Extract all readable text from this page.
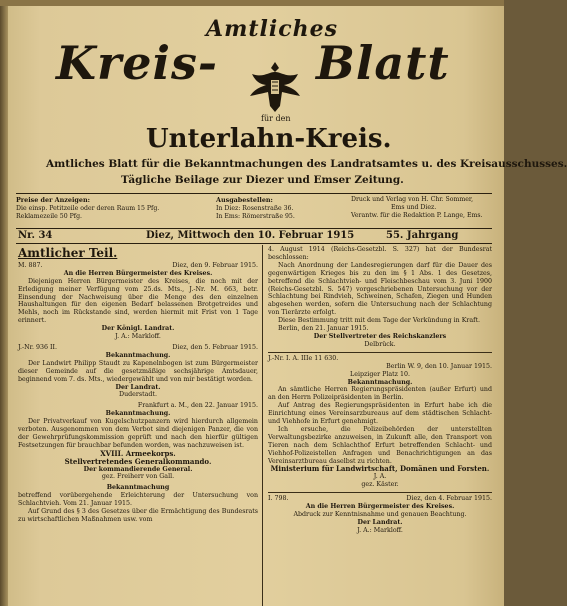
Amtliches
Kreis- Blatt
für den
Unterlahn-Kreis.
Amtliches Blatt für die Bekanntmachungen des Landratsamtes u. des Kreisausschusses.
Tägliche Beilage zur Diezer und Emser Zeitung.
Preise der Anzeigen:
Die einsp. Petitzeile oder deren Raum 15 Pfg.
Reklamezeile 50 Pfg.
Ausgabestellen:
In Diez: Rosenstraße 36.
In Ems: Römerstraße 95.
Druck und Verlag von H. Chr. Sommer,
Ems und Diez.
Verantw. für die Redaktion P. Lange, Ems.
Nr. 34	Diez, Mittwoch den 10. Februar 1915	55. Jahrgang

Amtlicher Teil.

M. 887.	Diez, den 9. Februar 1915.

An die Herren Bürgermeister des Kreises.

Diejenigen Herren Bürgermeister des Kreises, die noch mit der Erledigung meiner Verfügung vom 25.ds. Mts., J.-Nr. M. 663, betr. Einsendung der Nachweisung über die Menge des den einzelnen Haushaltungen für den eigenen Bedarf belassenen Brotgetreides und Mehls, noch im Rückstande sind, werden hiermit mit Frist von 1 Tage erinnert.

Der Königl. Landrat.

J. A.: Markloff.

J.-Nr. 936 II.	Diez, den 5. Februar 1915.

Bekanntmachung.

Der Landwirt Philipp Staudt zu Kapenelnbogen ist zum Bürgermeister dieser Gemeinde auf die gesetzmäßige sechsjährige Amtsdauer, beginnend vom 7. ds. Mts., wiedergewählt und von mir bestätigt worden.

Der Landrat.

Duderstadt.

Frankfurt a. M., den 22. Januar 1915.

Bekanntmachung.

Der Privatverkauf von Kugelschutzpanzern wird hierdurch allgemein verboten. Ausgenommen von dem Verbot sind diejenigen Panzer, die von der Gewehrprüfungskommission geprüft und nach den hierfür gültigen Festsetzungen für brauchbar befunden worden, was nachzuweisen ist.

XVIII. Armeekorps.

Stellvertretendes Generalkommando.

Der kommandierende General.

gez. Freiherr von Gall.

Bekanntmachung

betreffend vorübergehende Erleichterung der Untersuchung von Schlachtvieh. Vom 21. Januar 1915.

Auf Grund des § 3 des Gesetzes über die Ermächtigung des Bundesrats zu wirtschaftlichen Maßnahmen usw. vom

4. August 1914 (Reichs-Gesetzbl. S. 327) hat der Bundesrat beschlossen:

Nach Anordnung der Landesregierungen darf für die Dauer des gegenwärtigen Krieges bis zu den im § 1 Abs. 1 des Gesetzes, betreffend die Schlachtvieh- und Fleischbeschau vom 3. Juni 1900 (Reichs-Gesetzbl. S. 547) vorgeschriebenen Untersuchung vor der Schlachtung bei Rindvieh, Schweinen, Schafen, Ziegen und Hunden abgesehen werden, sofern die Untersuchung nach der Schlachtung von Tierärzte erfolgt.

Diese Bestimmung tritt mit dem Tage der Verkündung in Kraft.

Berlin, den 21. Januar 1915.

Der Stellvertreter des Reichskanzlers

Delbrück.

J.-Nr. I. A. IIIe 11 630.

Berlin W. 9, den 10. Januar 1915.

Leipziger Platz 10.

Bekanntmachung.

An sämtliche Herren Regierungspräsidenten (außer Erfurt) und an den Herrn Polizeipräsidenten in Berlin.

Auf Antrag des Regierungspräsidenten in Erfurt habe ich die Einrichtung eines Vereinsarzbureaus auf dem städtischen Schlacht- und Viehhofe in Erfurt genehmigt.

Ich ersuche, die Polizeibehörden der unterstellten Verwaltungsbezirke anzuweisen, in Zukunft alle, den Transport von Tieren nach dem Schlachthof Erfurt betreffenden Schlacht- und Viehhof-Polizeistellen Anfragen und Benachrichtigungen an das Vereinsarztbureau daselbst zu richten.

Ministerium für Landwirtschaft, Domänen und Forsten.

J. A.

gez. Käster.

I. 798.	Diez, den 4. Februar 1915.

An die Herren Bürgermeister des Kreises.

Abdruck zur Kenntnisnahme und genauen Beachtung.

Der Landrat.

J. A.: Markloff.
